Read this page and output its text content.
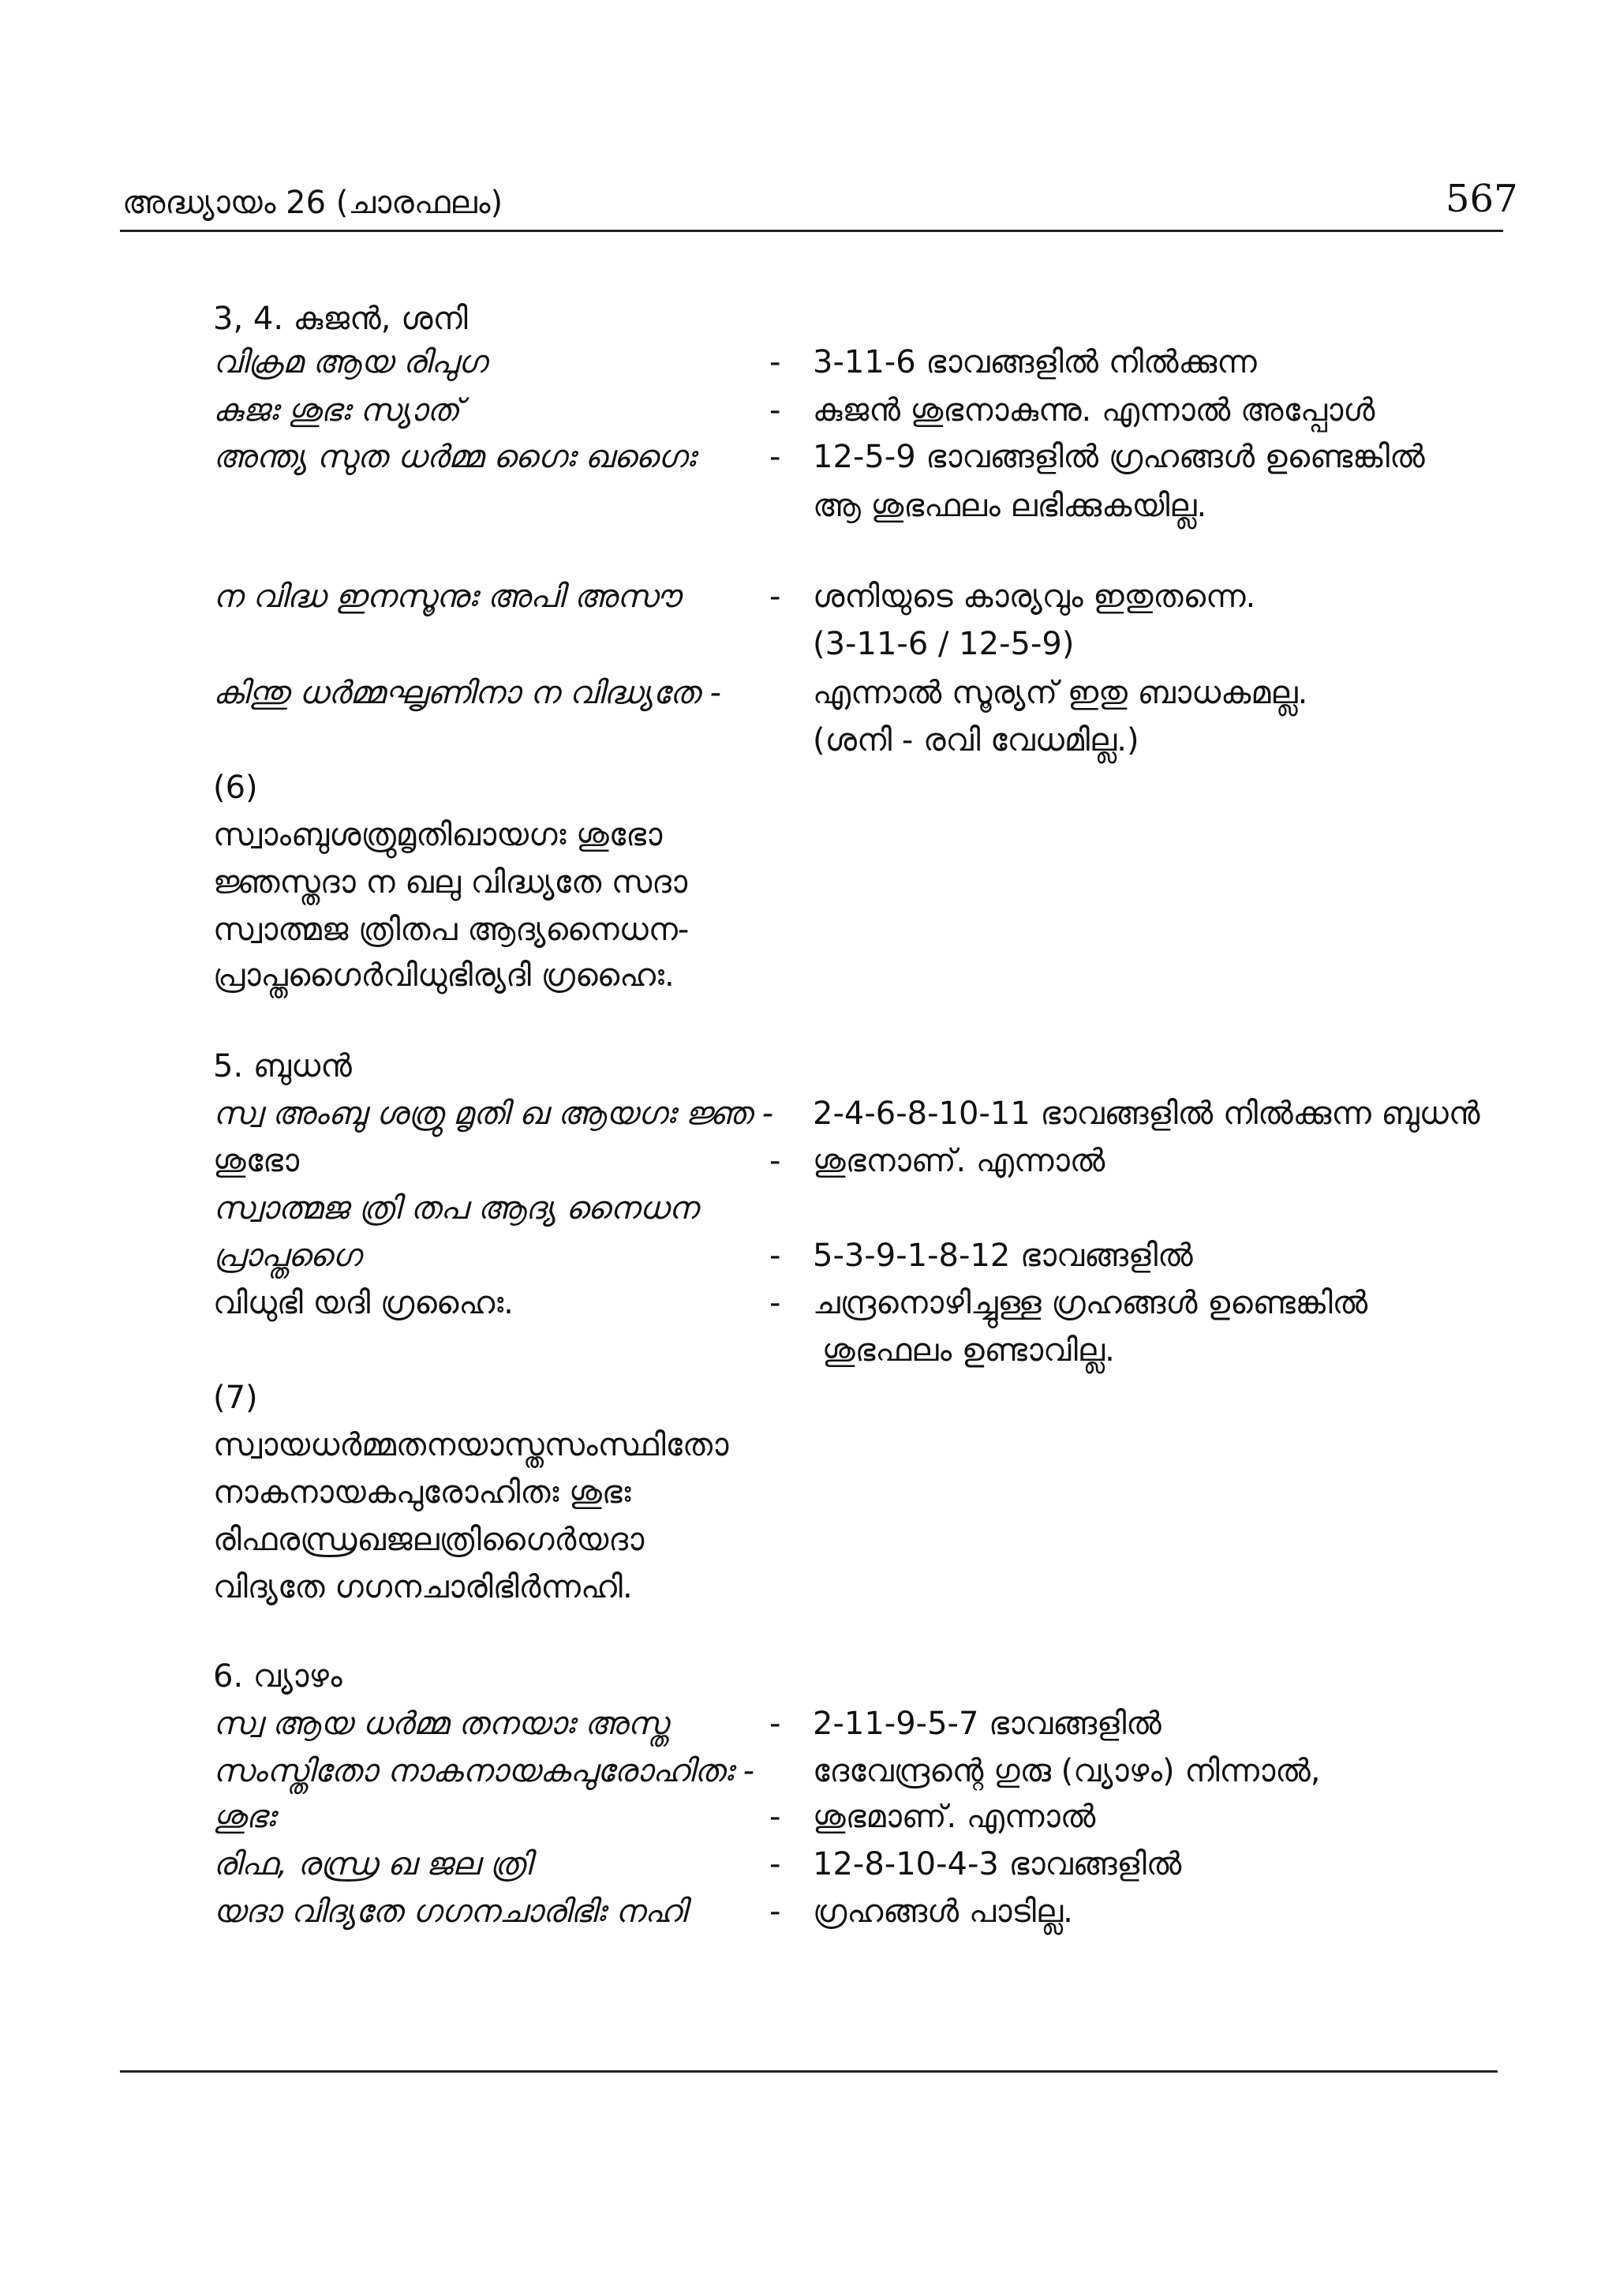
അദ്ധ്യായം 26 (ചാരഫലം)	567
3, 4. കുജൻ, ശനി
വിക്രമ ആയ രിപുഗ	- 3-11-6 ഭാവങ്ങളിൽ നിൽക്കുന്ന
കുജഃ ശുഭഃ സ്യാത്	- കുജൻ ശുഭനാകുന്നു. എന്നാൽ അപ്പോൾ
അന്ത്യ സുത ധർമ്മ ഗൈഃ ഖഗൈഃ - 12-5-9 ഭാവങ്ങളിൽ ഗ്രഹങ്ങൾ ഉണ്ടെങ്കിൽ
ആ ശുഭഫലം ലഭിക്കുകയില്ല.
ന വിദ്ധ ഇനസൂനുഃ അപി അസൗ	- ശനിയുടെ കാര്യവും ഇതുതന്നെ.
(3-11-6 / 12-5-9)
കിന്തു ധർമ്മഘൃണിനാ ന വിദ്ധ്യതേ -	എന്നാൽ സൂര്യന് ഇതു ബാധകമല്ല.
(ശനി - രവി വേധമില്ല.)
(6)
സ്വാംബുശത്രുമൃതിഖായഗഃ ശുഭോ
ജ്ഞസ്തദാ ന ഖലു വിദ്ധ്യതേ സദാ
സ്വാത്മജ ത്രിതപ ആദ്യനൈധന-
പ്രാപ്തഗൈർവിധുഭിര്യദി ഗ്രഹൈഃ.
5. ബുധൻ
സ്വ അംബു ശത്രു മൃതി ഖ ആയഗഃ ജ്ഞ - 2-4-6-8-10-11 ഭാവങ്ങളിൽ നിൽക്കുന്ന ബുധൻ
ശുഭോ	- ശുഭനാണ്. എന്നാൽ
സ്വാത്മജ ത്രി തപ ആദ്യ നൈധന
പ്രാപ്തഗൈ	- 5-3-9-1-8-12 ഭാവങ്ങളിൽ
വിധുഭി യദി ഗ്രഹൈഃ.	- ചന്ദ്രനൊഴിച്ചുള്ള ഗ്രഹങ്ങൾ ഉണ്ടെങ്കിൽ
ശുഭഫലം ഉണ്ടാവില്ല.
(7)
സ്വായധർമ്മതനയാസ്തസംസ്ഥിതോ
നാകനായകപുരോഹിതഃ ശുഭഃ
രിഫരന്ധ്രഖജലത്രിഗൈർയദാ
വിദ്യതേ ഗഗനചാരിഭിർന്നഹി.
6. വ്യാഴം
സ്വ ആയ ധർമ്മ തനയാഃ അസ്ത	- 2-11-9-5-7 ഭാവങ്ങളിൽ
സംസ്തിതോ നാകനായകപുരോഹിതഃ - ദേവേന്ദ്രന്റെ ഗുരു (വ്യാഴം) നിന്നാൽ,
ശുഭഃ	- ശുഭമാണ്. എന്നാൽ
രിഫ, രന്ധ്ര ഖ ജല ത്രി	- 12-8-10-4-3 ഭാവങ്ങളിൽ
യദാ വിദ്യതേ ഗഗനചാരിഭിഃ നഹി	- ഗ്രഹങ്ങൾ പാടില്ല.
